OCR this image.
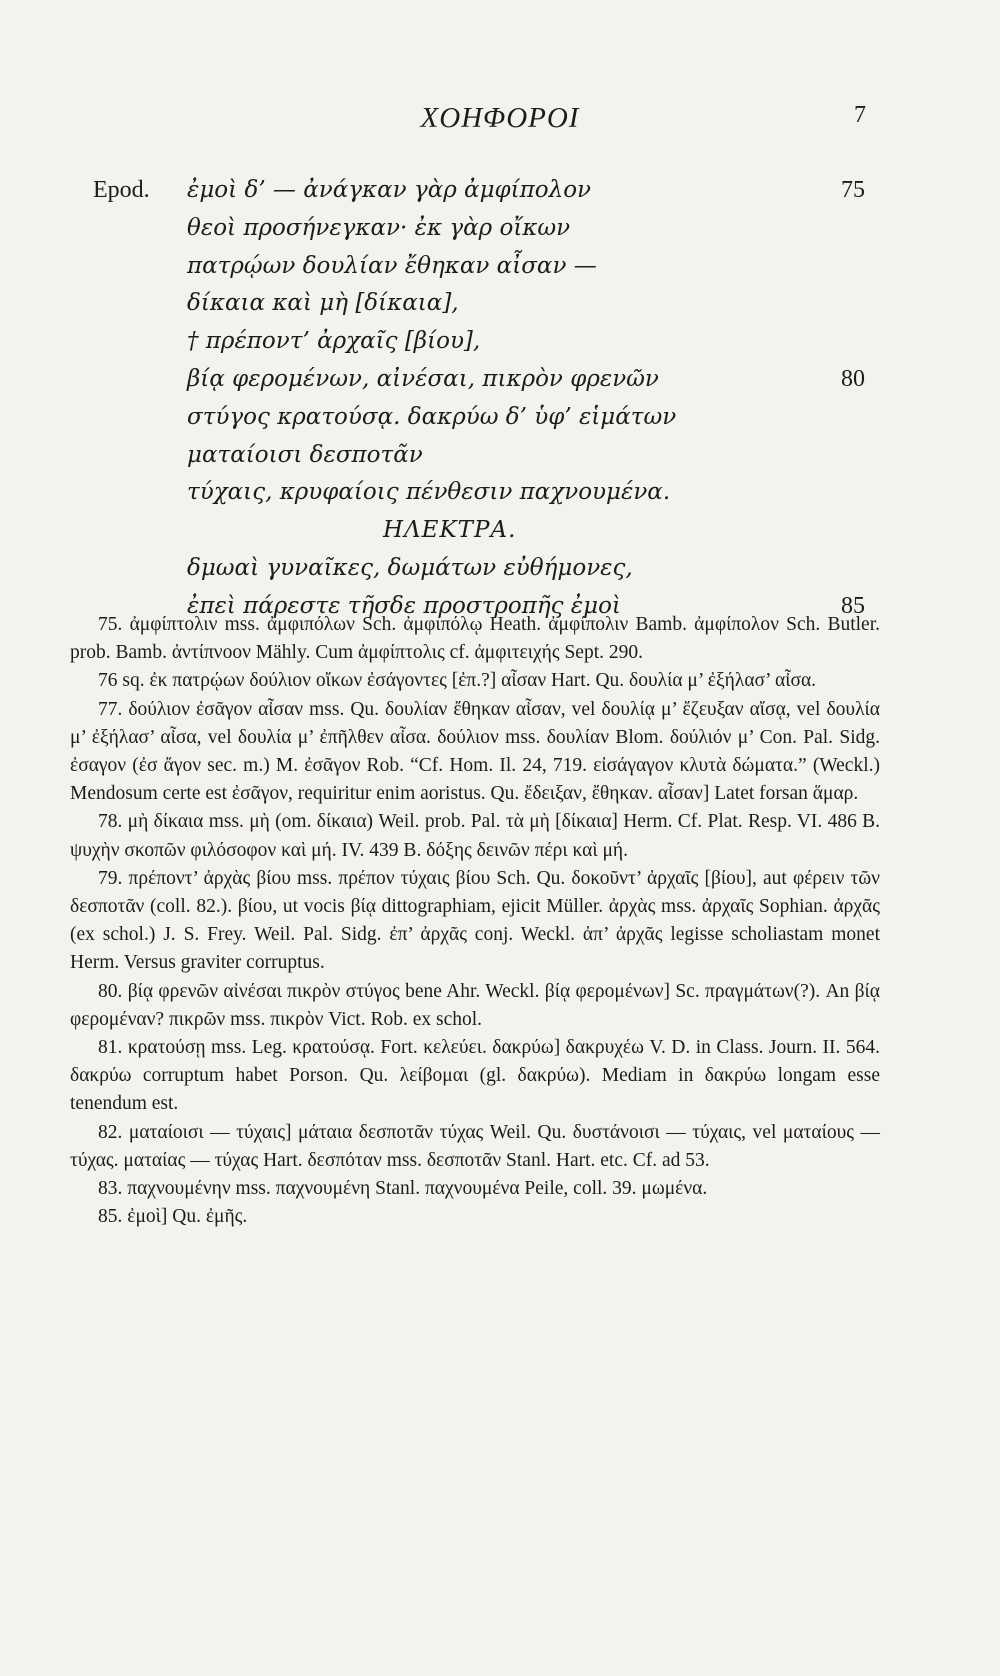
ΧΟΗΦΟΡΟΙ	7
Epod. ἐμοὶ δ’ — ἀνάγκαν γὰρ ἀμφίπολον	75
θεοὶ προσήνεγκαν· ἐκ γὰρ οἴκων
πατρῴων δουλίαν ἔθηκαν αἶσαν —
δίκαια καὶ μὴ [δίκαια],
† πρέποντ’ ἀρχαῖς [βίου],
βίᾳ φερομένων, αἰνέσαι, πικρὸν φρενῶν	80
στύγος κρατούσᾳ. δακρύω δ’ ὑφ’ εἱμάτων
ματαίοισι δεσποτᾶν
τύχαις, κρυφαίοις πένθεσιν παχνουμένα.
ΗΛΕΚΤΡΑ.
δμωαὶ γυναῖκες, δωμάτων εὐθήμονες,
ἐπεὶ πάρεστε τῆσδε προστροπῆς ἐμοὶ	85

75. ἀμφίπτολιν mss. ἀμφιπόλων Sch. ἀμφιπόλῳ Heath. ἀμφίπολιν Bamb. ἀμφίπολον Sch. Butler. prob. Bamb. ἀντίπνοον Mähly. Cum ἀμφίπτολις cf. ἀμφιτειχής Sept. 290.

76 sq. ἐκ πατρῴων δούλιον οἴκων ἐσάγοντες [ἐπ.?] αἶσαν Hart. Qu. δουλία μ’ ἐξήλασ’ αἶσα.

77. δούλιον ἐσᾶγον αἶσαν mss. Qu. δουλίαν ἔθηκαν αἶσαν, vel δουλίᾳ μ’ ἔζευξαν αἴσᾳ, vel δουλία μ’ ἐξήλασ’ αἶσα, vel δουλία μ’ ἐπῆλθεν αἶσα. δούλιον mss. δουλίαν Blom. δούλιόν μ’ Con. Pal. Sidg. ἐσαγον (ἐσ ἄγον sec. m.) M. ἐσᾶγον Rob. “Cf. Hom. Il. 24, 719. εἰσάγαγον κλυτὰ δώματα.” (Weckl.) Mendosum certe est ἐσᾶγον, requiritur enim aoristus. Qu. ἔδειξαν, ἔθηκαν. αἶσαν] Latet forsan ἅμαρ.

78. μὴ δίκαια mss. μὴ (om. δίκαια) Weil. prob. Pal. τὰ μὴ [δίκαια] Herm. Cf. Plat. Resp. VI. 486 B. ψυχὴν σκοπῶν φιλόσοφον καὶ μή. IV. 439 B. δόξης δεινῶν πέρι καὶ μή.

79. πρέποντ’ ἀρχὰς βίου mss. πρέπον τύχαις βίου Sch. Qu. δοκοῦντ’ ἀρχαῖς [βίου], aut φέρειν τῶν δεσποτᾶν (coll. 82.). βίου, ut vocis βίᾳ dittographiam, ejicit Müller. ἀρχὰς mss. ἀρχαῖς Sophian. ἀρχᾶς (ex schol.) J. S. Frey. Weil. Pal. Sidg. ἐπ’ ἀρχᾶς conj. Weckl. ἀπ’ ἀρχᾶς legisse scholiastam monet Herm. Versus graviter corruptus.

80. βίᾳ φρενῶν αἰνέσαι πικρὸν στύγος bene Ahr. Weckl. βίᾳ φερομένων] Sc. πραγμάτων(?). An βίᾳ φερομέναν? πικρῶν mss. πικρὸν Vict. Rob. ex schol.

81. κρατούσῃ mss. Leg. κρατούσᾳ. Fort. κελεύει. δακρύω] δακρυχέω V. D. in Class. Journ. II. 564. δακρύω corruptum habet Porson. Qu. λείβομαι (gl. δακρύω). Mediam in δακρύω longam esse tenendum est.

82. ματαίοισι — τύχαις] μάταια δεσποτᾶν τύχας Weil. Qu. δυστάνοισι — τύχαις, vel ματαίους — τύχας. ματαίας — τύχας Hart. δεσπόταν mss. δεσποτᾶν Stanl. Hart. etc. Cf. ad 53.

83. παχνουμένην mss. παχνουμένη Stanl. παχνουμένα Peile, coll. 39. μωμένα.

85. ἐμοὶ] Qu. ἐμῆς.
